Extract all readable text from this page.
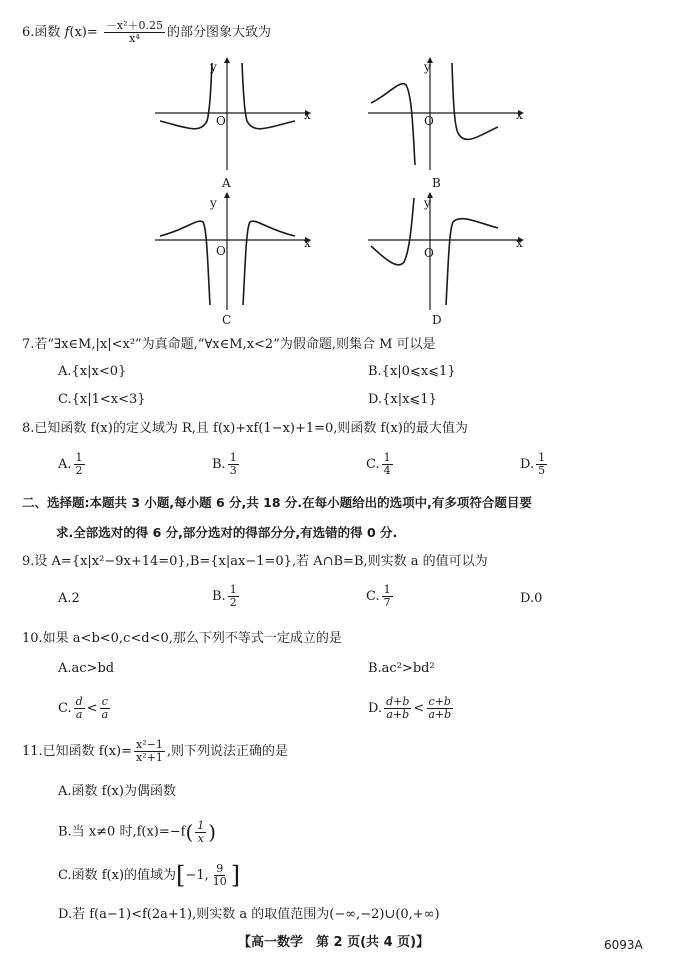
6.函数 $f(x)= \frac{\text{－x²＋0.25}}{\text{x⁴}}$ 的部分图象大致为
y
x
O
A
y
x
O
B
y
x
O
C
y
x
O
D
7.若“∃x∈M,|x|<x²”为真命题,“∀x∈M,x<2”为假命题,则集合 M 可以是
A.{x|x<0}	B.{x|0⩽x⩽1}
C.{x|1<x<3}	D.{x|x⩽1}
8.已知函数 f(x)的定义域为 R,且 f(x)+xf(1−x)+1=0,则函数 f(x)的最大值为
A. $\frac{1}{2}$	B. $\frac{1}{3}$	C. $\frac{1}{4}$	D. $\frac{1}{5}$
二、选择题:本题共 3 小题,每小题 6 分,共 18 分.在每小题给出的选项中,有多项符合题目要
求.全部选对的得 6 分,部分选对的得部分分,有选错的得 0 分.
9.设 A={x|x²−9x+14=0},B={x|ax−1=0},若 A∩B=B,则实数 a 的值可以为
A.2	B. $\frac{1}{2}$	C. $\frac{1}{7}$	D.0
10.如果 a<b<0,c<d<0,那么下列不等式一定成立的是
A.ac>bd	B.ac²>bd²
C. $\frac{d}{a} < \frac{c}{a}$	D. $\frac{d+b}{a+b} < \frac{c+b}{a+b}$
11.已知函数 $f(x)= \frac{\text{x²−1}}{\text{x²+1}}$ ,则下列说法正确的是
A.函数 f(x)为偶函数
B.当 x≠0 时$,f(x)=-f( \frac{1}{x}$ )
C.函数 f(x)的值域为[−1, $\frac{9}{10}$ ]
D.若 f(a−1)<f(2a+1),则实数 a 的取值范围为(−∞,−2)∪(0,+∞)
【高一数学　第 2 页(共 4 页)】	6093A
